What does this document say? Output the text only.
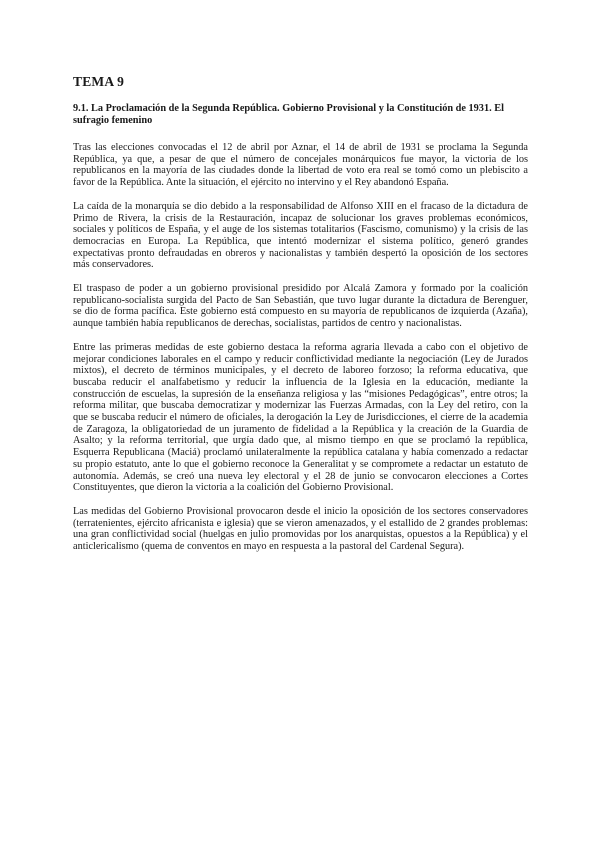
TEMA 9
9.1. La Proclamación de la Segunda República. Gobierno Provisional y la Constitución de 1931. El sufragio femenino

Tras las elecciones convocadas el 12 de abril por Aznar, el 14 de abril de 1931 se proclama la Segunda República, ya que, a pesar de que el número de concejales monárquicos fue mayor, la victoria de los republicanos en la mayoría de las ciudades donde la libertad de voto era real se tomó como un plebiscito a favor de la República. Ante la situación, el ejército no intervino y el Rey abandonó España.

La caída de la monarquía se dio debido a la responsabilidad de Alfonso XIII en el fracaso de la dictadura de Primo de Rivera, la crisis de la Restauración, incapaz de solucionar los graves problemas económicos, sociales y políticos de España, y el auge de los sistemas totalitarios (Fascismo, comunismo) y la crisis de las democracias en Europa. La República, que intentó modernizar el sistema político, generó grandes expectativas pronto defraudadas en obreros y nacionalistas y también despertó la oposición de los sectores más conservadores.

El traspaso de poder a un gobierno provisional presidido por Alcalá Zamora y formado por la coalición republicano-socialista surgida del Pacto de San Sebastián, que tuvo lugar durante la dictadura de Berenguer, se dio de forma pacífica. Este gobierno está compuesto en su mayoría de republicanos de izquierda (Azaña), aunque también había republicanos de derechas, socialistas, partidos de centro y nacionalistas.

Entre las primeras medidas de este gobierno destaca la reforma agraria llevada a cabo con el objetivo de mejorar condiciones laborales en el campo y reducir conflictividad mediante la negociación (Ley de Jurados mixtos), el decreto de términos municipales, y el decreto de laboreo forzoso; la reforma educativa, que buscaba reducir el analfabetismo y reducir la influencia de la Iglesia en la educación, mediante la construcción de escuelas, la supresión de la enseñanza religiosa y las “misiones Pedagógicas”, entre otros; la reforma militar, que buscaba democratizar y modernizar las Fuerzas Armadas, con la Ley del retiro, con la que se buscaba reducir el número de oficiales, la derogación la Ley de Jurisdicciones, el cierre de la academia de Zaragoza, la obligatoriedad de un juramento de fidelidad a la República y la creación de la Guardia de Asalto; y la reforma territorial, que urgía dado que, al mismo tiempo en que se proclamó la república, Esquerra Republicana (Maciá) proclamó unilateralmente la república catalana y había comenzado a redactar su propio estatuto, ante lo que el gobierno reconoce la Generalitat y se compromete a redactar un estatuto de autonomía. Además, se creó una nueva ley electoral y el 28 de junio se convocaron elecciones a Cortes Constituyentes, que dieron la victoria a la coalición del Gobierno Provisional.

Las medidas del Gobierno Provisional provocaron desde el inicio la oposición de los sectores conservadores (terratenientes, ejército africanista e iglesia) que se vieron amenazados, y el estallido de 2 grandes problemas: una gran conflictividad social (huelgas en julio promovidas por los anarquistas, opuestos a la República) y el anticlericalismo (quema de conventos en mayo en respuesta a la pastoral del Cardenal Segura).
